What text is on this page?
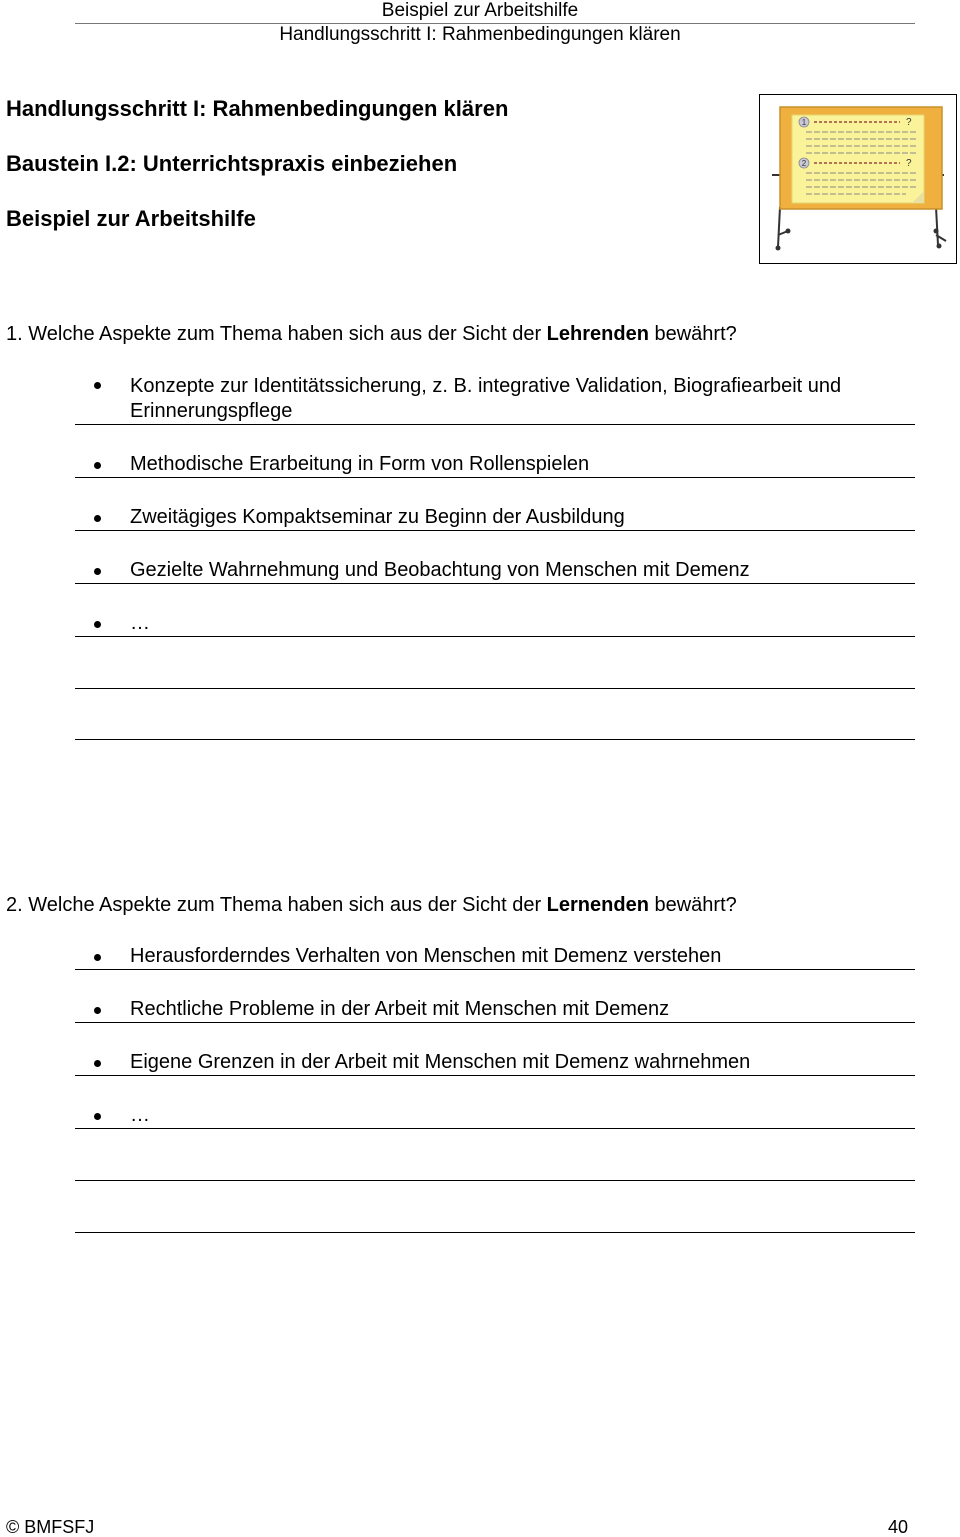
Beispiel zur Arbeitshilfe
Handlungsschritt I: Rahmenbedingungen klären
Handlungsschritt I: Rahmenbedingungen klären
Baustein I.2: Unterrichtspraxis einbeziehen
Beispiel zur Arbeitshilfe
1	?
2	?
1. Welche Aspekte zum Thema haben sich aus der Sicht der Lehrenden bewährt?
Konzepte zur Identitätssicherung, z. B. integrative Validation, Biografiearbeit und Erinnerungspflege
Methodische Erarbeitung in Form von Rollenspielen
Zweitägiges Kompaktseminar zu Beginn der Ausbildung
Gezielte Wahrnehmung und Beobachtung von Menschen mit Demenz
…
2. Welche Aspekte zum Thema haben sich aus der Sicht der Lernenden bewährt?
Herausforderndes Verhalten von Menschen mit Demenz verstehen
Rechtliche Probleme in der Arbeit mit Menschen mit Demenz
Eigene Grenzen in der Arbeit mit Menschen mit Demenz wahrnehmen
…
© BMFSFJ	40
